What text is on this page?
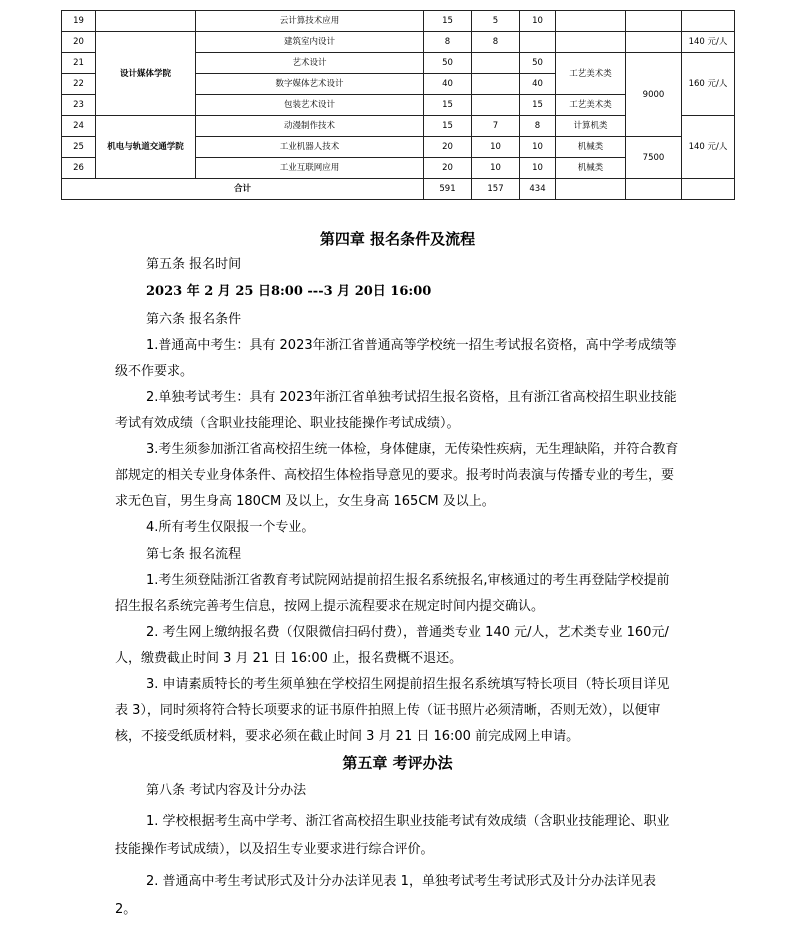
19		云计算技术应用	15	5	10			
20	设计媒体学院	建筑室内设计	8	8				140 元/人
21		艺术设计	50		50	工艺美术类	9000	160 元/人
22		数字媒体艺术设计	40		40			
23		包装艺术设计	15		15	工艺美术类		
24	机电与轨道交通学院	动漫制作技术	15	7	8	计算机类		140 元/人
25		工业机器人技术	20	10	10	机械类	7500	
26		工业互联网应用	20	10	10	机械类		
合计			591	157	434			

第四章 报名条件及流程

第五条 报名时间

2023 年 2 月 25 日8:00 ---3 月 20日 16:00

第六条 报名条件

1.普通高中考生：具有 2023年浙江省普通高等学校统一招生考试报名资格，高中学考成绩等级不作要求。

2.单独考试考生：具有 2023年浙江省单独考试招生报名资格，且有浙江省高校招生职业技能考试有效成绩（含职业技能理论、职业技能操作考试成绩）。

3.考生须参加浙江省高校招生统一体检，身体健康，无传染性疾病，无生理缺陷，并符合教育部规定的相关专业身体条件、高校招生体检指导意见的要求。报考时尚表演与传播专业的考生，要求无色盲，男生身高 180CM 及以上，女生身高 165CM 及以上。

4.所有考生仅限报一个专业。

第七条 报名流程

1.考生须登陆浙江省教育考试院网站提前招生报名系统报名,审核通过的考生再登陆学校提前招生报名系统完善考生信息，按网上提示流程要求在规定时间内提交确认。

2. 考生网上缴纳报名费（仅限微信扫码付费），普通类专业 140 元/人，艺术类专业 160元/人，缴费截止时间 3 月 21 日 16:00 止，报名费概不退还。

3. 申请素质特长的考生须单独在学校招生网提前招生报名系统填写特长项目（特长项目详见表 3），同时须将符合特长项要求的证书原件拍照上传（证书照片必须清晰，否则无效），以便审核，不接受纸质材料，要求必须在截止时间 3 月 21 日 16:00 前完成网上申请。

第五章 考评办法

第八条 考试内容及计分办法

1. 学校根据考生高中学考、浙江省高校招生职业技能考试有效成绩（含职业技能理论、职业技能操作考试成绩），以及招生专业要求进行综合评价。

2. 普通高中考生考试形式及计分办法详见表 1，单独考试考生考试形式及计分办法详见表 2。
